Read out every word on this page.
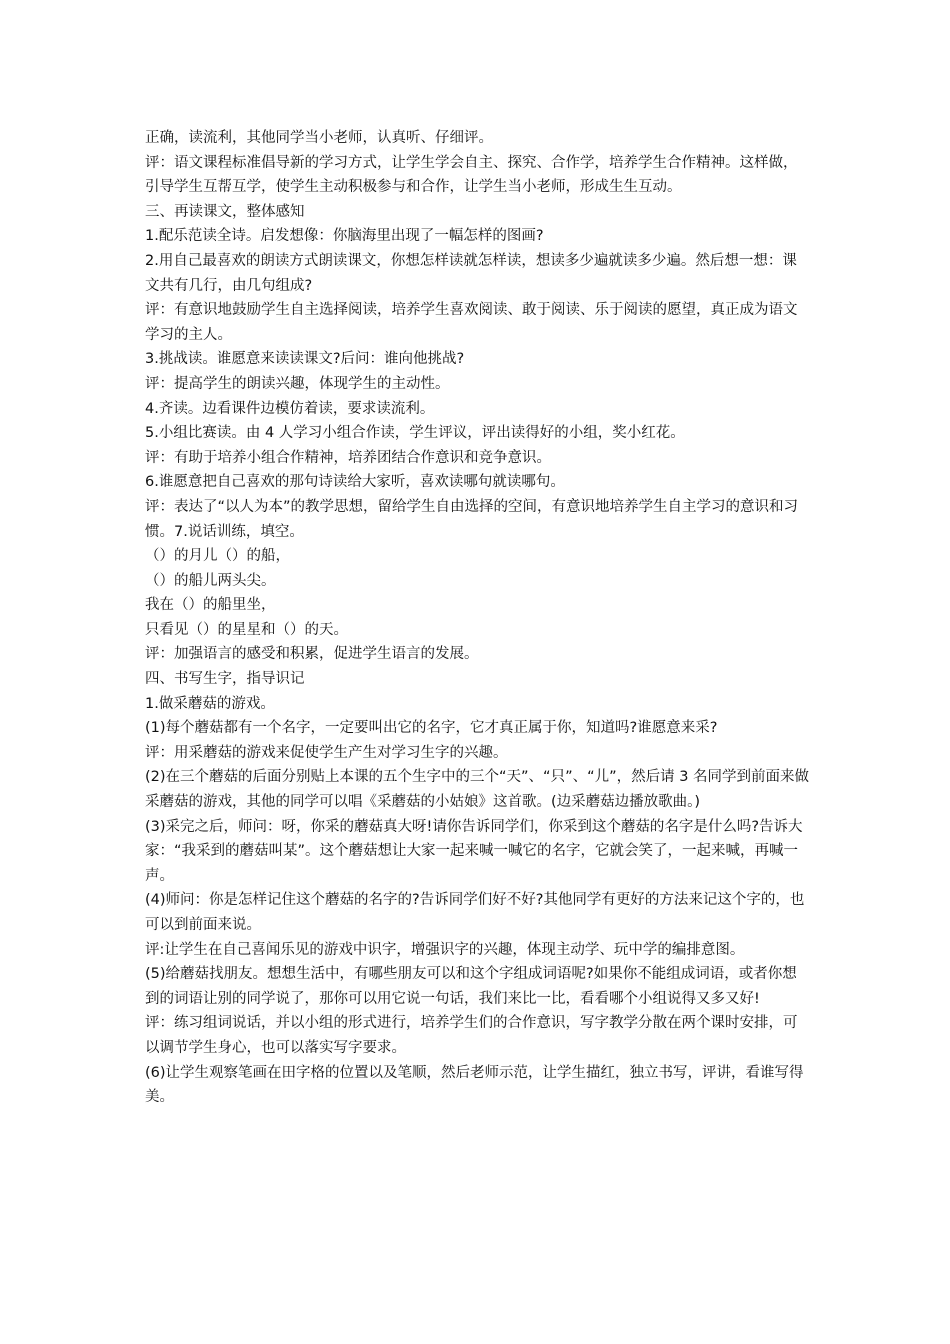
正确，读流利，其他同学当小老师，认真听、仔细评。

评：语文课程标准倡导新的学习方式，让学生学会自主、探究、合作学，培养学生合作精神。这样做，引导学生互帮互学，使学生主动积极参与和合作，让学生当小老师，形成生生互动。

三、再读课文，整体感知

1.配乐范读全诗。启发想像：你脑海里出现了一幅怎样的图画?

2.用自己最喜欢的朗读方式朗读课文，你想怎样读就怎样读，想读多少遍就读多少遍。然后想一想：课文共有几行，由几句组成?

评：有意识地鼓励学生自主选择阅读，培养学生喜欢阅读、敢于阅读、乐于阅读的愿望，真正成为语文学习的主人。

3.挑战读。谁愿意来读读课文?后问：谁向他挑战?

评：提高学生的朗读兴趣，体现学生的主动性。

4.齐读。边看课件边模仿着读，要求读流利。

5.小组比赛读。由 4 人学习小组合作读，学生评议，评出读得好的小组，奖小红花。

评：有助于培养小组合作精神，培养团结合作意识和竞争意识。

6.谁愿意把自己喜欢的那句诗读给大家听，喜欢读哪句就读哪句。

评：表达了“以人为本”的教学思想，留给学生自由选择的空间，有意识地培养学生自主学习的意识和习惯。7.说话训练，填空。

（）的月儿（）的船，

（）的船儿两头尖。

我在（）的船里坐，

只看见（）的星星和（）的天。

评：加强语言的感受和积累，促进学生语言的发展。

四、书写生字，指导识记

1.做采蘑菇的游戏。

(1)每个蘑菇都有一个名字，一定要叫出它的名字，它才真正属于你，知道吗?谁愿意来采?

评：用采蘑菇的游戏来促使学生产生对学习生字的兴趣。

(2)在三个蘑菇的后面分别贴上本课的五个生字中的三个“天”、“只”、“儿”，然后请 3 名同学到前面来做采蘑菇的游戏，其他的同学可以唱《采蘑菇的小姑娘》这首歌。(边采蘑菇边播放歌曲。)

(3)采完之后，师问：呀，你采的蘑菇真大呀!请你告诉同学们，你采到这个蘑菇的名字是什么吗?告诉大家：“我采到的蘑菇叫某”。这个蘑菇想让大家一起来喊一喊它的名字，它就会笑了，一起来喊，再喊一声。

(4)师问：你是怎样记住这个蘑菇的名字的?告诉同学们好不好?其他同学有更好的方法来记这个字的，也可以到前面来说。

评:让学生在自己喜闻乐见的游戏中识字，增强识字的兴趣，体现主动学、玩中学的编排意图。

(5)给蘑菇找朋友。想想生活中，有哪些朋友可以和这个字组成词语呢?如果你不能组成词语，或者你想到的词语让别的同学说了，那你可以用它说一句话，我们来比一比，看看哪个小组说得又多又好!

评：练习组词说话，并以小组的形式进行，培养学生们的合作意识，写字教学分散在两个课时安排，可以调节学生身心，也可以落实写字要求。

(6)让学生观察笔画在田字格的位置以及笔顺，然后老师示范，让学生描红，独立书写，评讲，看谁写得美。
